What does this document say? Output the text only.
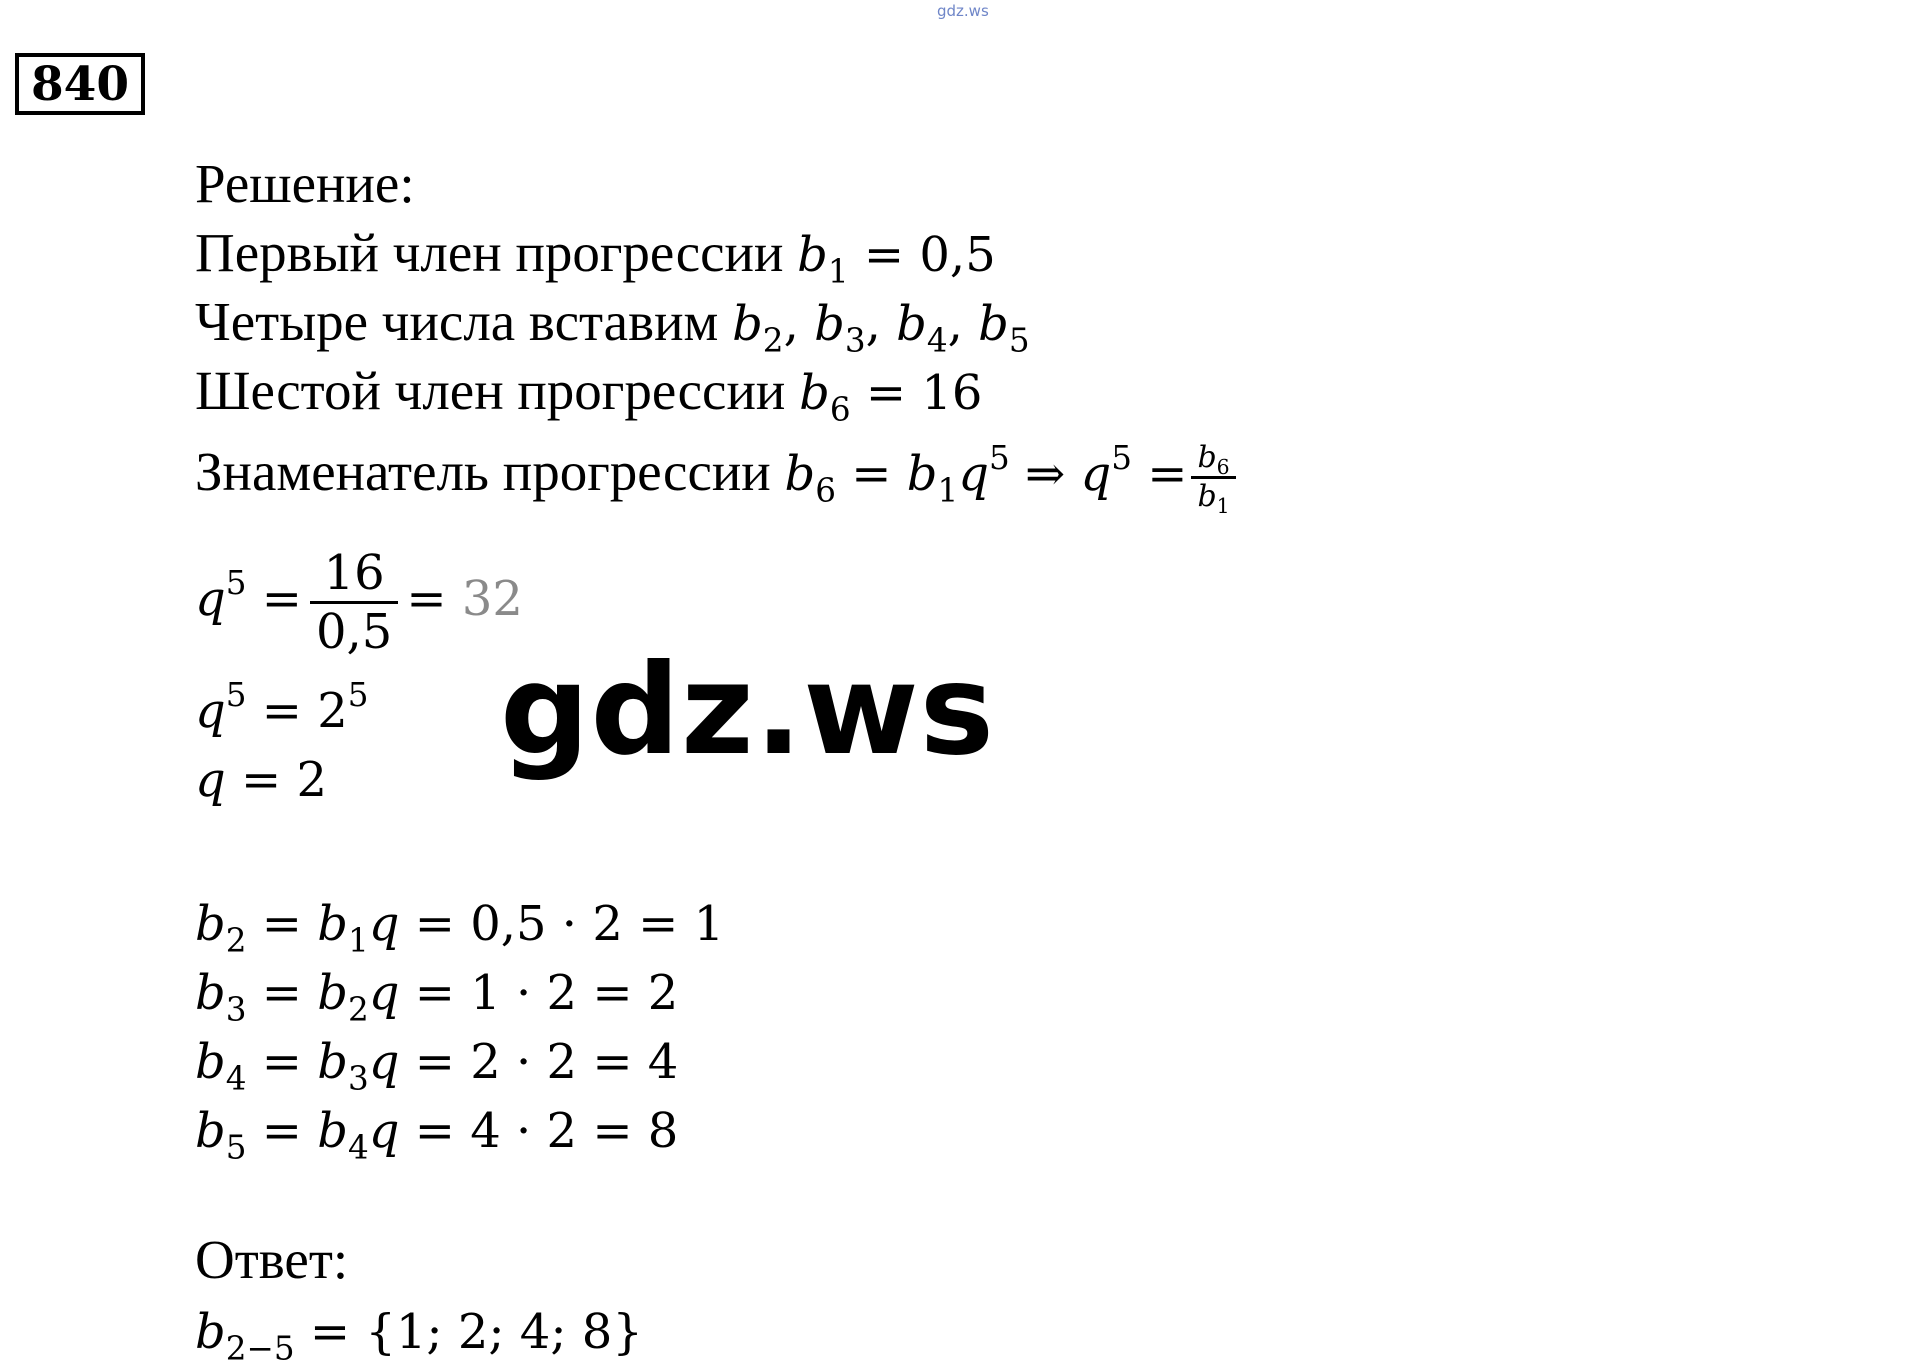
gdz.ws
840
Решение:
Первый член прогрессии $b_1 = 0,5$
Четыре числа вставим $b_2$, $b_3$, $b_4$, $b_5$
Шестой член прогрессии $b_6 = 16$
Знаменатель прогрессии $b_6 = b_1q^5$ ⇒ $q^5 = \frac{b_6}{b_1}$
$q^5 = \frac{16}{0,5} = 32$
$q^5 = 2^5$
q = 2
$b_2 = b_1q = 0,5 \cdot 2 = 1$
$b_3 = b_2q = 1 \cdot 2 = 2$
$b_4 = b_3q = 2 \cdot 2 = 4$
$b_5 = b_4q = 4 \cdot 2 = 8$
Ответ:
$b_{2-5} = \{1$; 2; 4; 8}
gdz.ws
